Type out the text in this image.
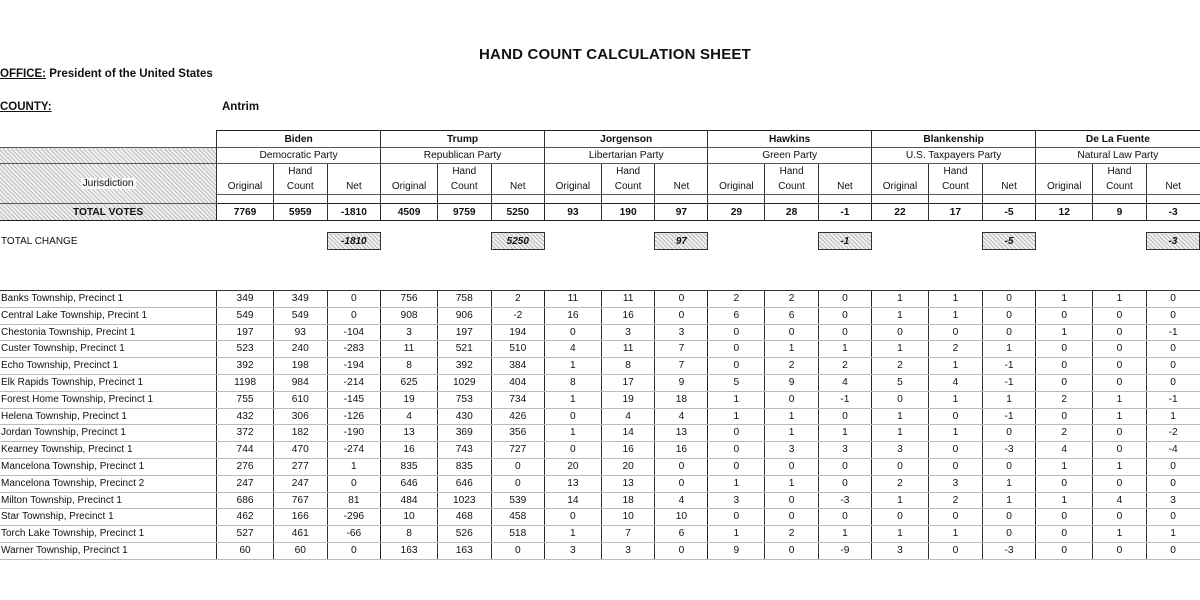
HAND COUNT CALCULATION SHEET
OFFICE: President of the United States
COUNTY:	Antrim
	Biden			Trump			Jorgenson			Hawkins			Blankenship			De La Fuente		
	Democratic Party			Republican Party			Libertarian Party			Green Party			U.S. Taxpayers Party			Natural Law Party		
Jurisdiction		Hand			Hand			Hand			Hand			Hand			Hand	
	Original	Count	Net	Original	Count	Net	Original	Count	Net	Original	Count	Net	Original	Count	Net	Original	Count	Net

TOTAL VOTES	7769	5959	-1810	4509	9759	5250	93	190	97	29	28	-1	22	17	-5	12	9	-3

TOTAL CHANGE			-1810			5250			97			-1			-5			-3

Banks Township, Precinct 1	349	349	0	756	758	2	11	11	0	2	2	0	1	1	0	1	1	0
Central Lake Township, Precint 1	549	549	0	908	906	-2	16	16	0	6	6	0	1	1	0	0	0	0
Chestonia Township, Precint 1	197	93	-104	3	197	194	0	3	3	0	0	0	0	0	0	1	0	-1
Custer Township, Precinct 1	523	240	-283	11	521	510	4	11	7	0	1	1	1	2	1	0	0	0
Echo Township, Precinct 1	392	198	-194	8	392	384	1	8	7	0	2	2	2	1	-1	0	0	0
Elk Rapids Township, Precinct 1	1198	984	-214	625	1029	404	8	17	9	5	9	4	5	4	-1	0	0	0
Forest Home Township, Precinct 1	755	610	-145	19	753	734	1	19	18	1	0	-1	0	1	1	2	1	-1
Helena Township, Precinct 1	432	306	-126	4	430	426	0	4	4	1	1	0	1	0	-1	0	1	1
Jordan Township, Precinct 1	372	182	-190	13	369	356	1	14	13	0	1	1	1	1	0	2	0	-2
Kearney Township, Precinct 1	744	470	-274	16	743	727	0	16	16	0	3	3	3	0	-3	4	0	-4
Mancelona Township, Precinct 1	276	277	1	835	835	0	20	20	0	0	0	0	0	0	0	1	1	0
Mancelona Township, Precinct 2	247	247	0	646	646	0	13	13	0	1	1	0	2	3	1	0	0	0
Milton Township, Precinct 1	686	767	81	484	1023	539	14	18	4	3	0	-3	1	2	1	1	4	3
Star Township, Precinct 1	462	166	-296	10	468	458	0	10	10	0	0	0	0	0	0	0	0	0
Torch Lake Township, Precinct 1	527	461	-66	8	526	518	1	7	6	1	2	1	1	1	0	0	1	1
Warner Township, Precinct 1	60	60	0	163	163	0	3	3	0	9	0	-9	3	0	-3	0	0	0
